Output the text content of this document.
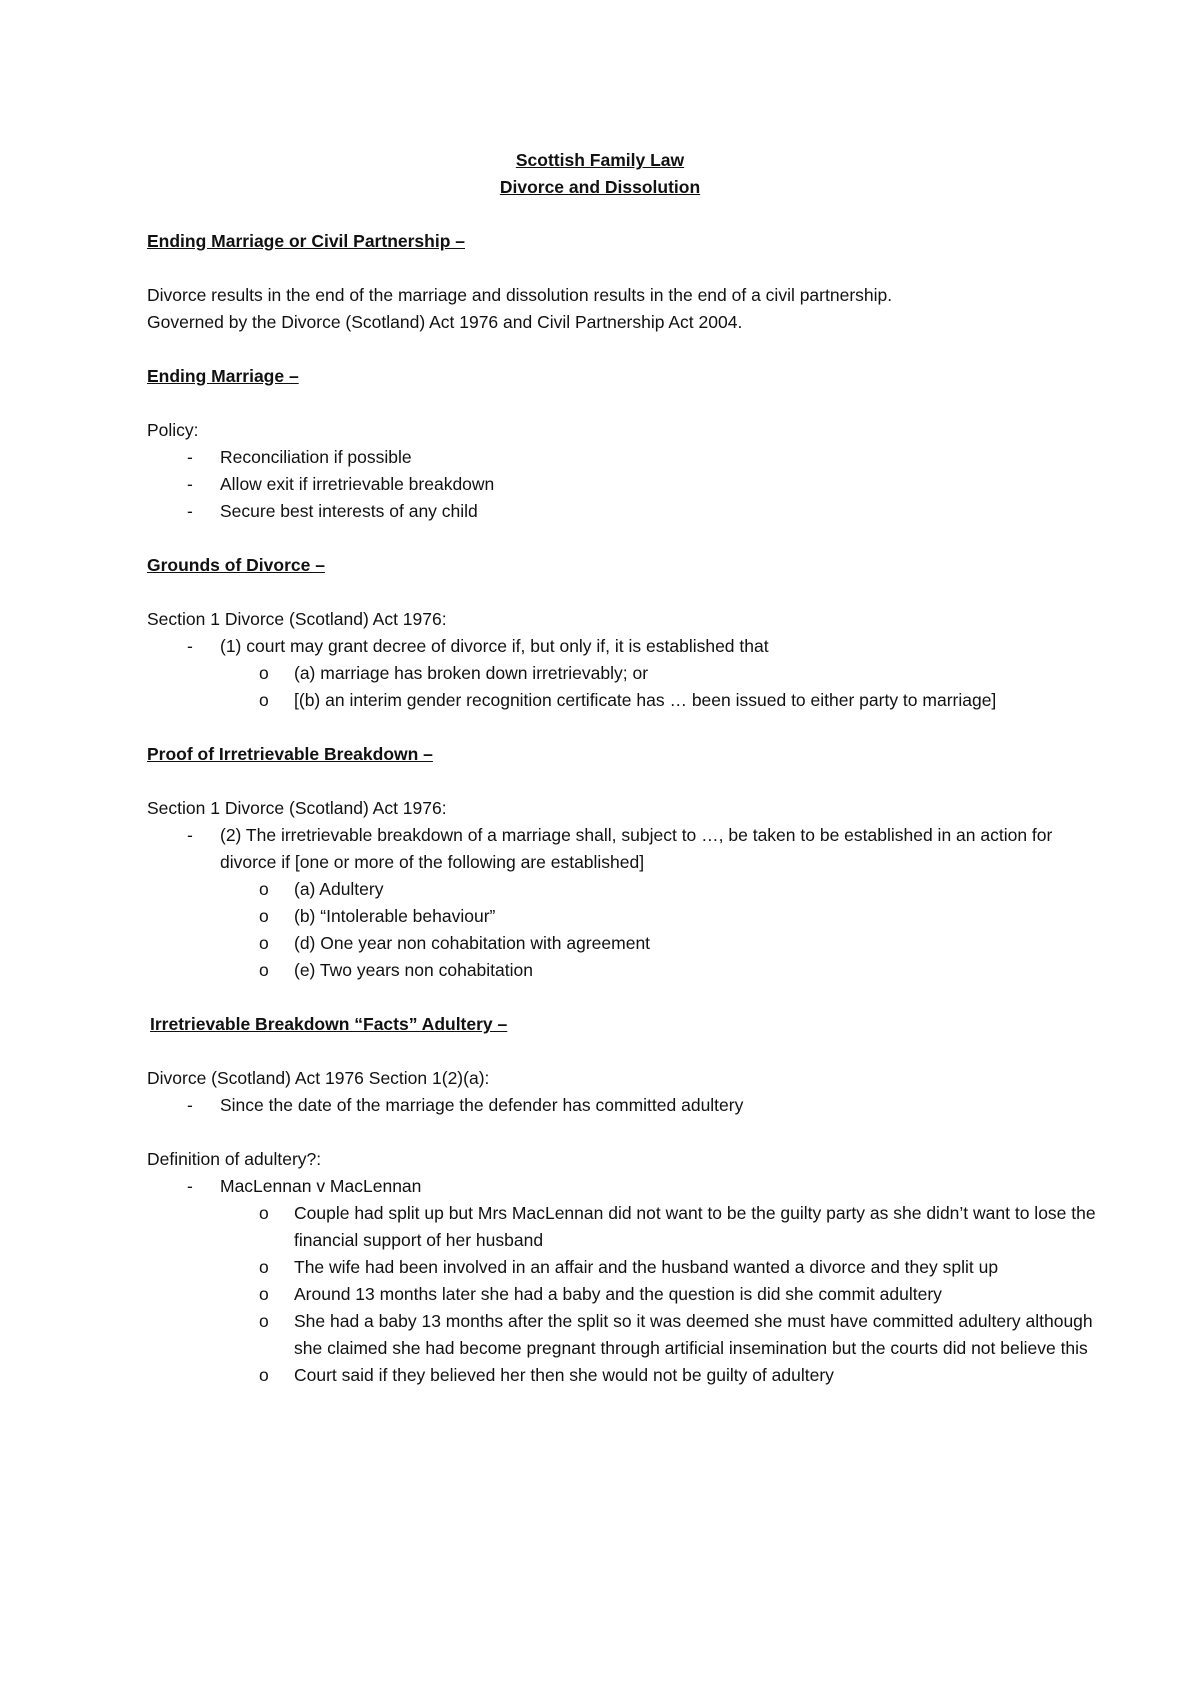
Scottish Family Law
Divorce and Dissolution
Ending Marriage or Civil Partnership –
Divorce results in the end of the marriage and dissolution results in the end of a civil partnership.
Governed by the Divorce (Scotland) Act 1976 and Civil Partnership Act 2004.
Ending Marriage –
Policy:
- Reconciliation if possible
- Allow exit if irretrievable breakdown
- Secure best interests of any child
Grounds of Divorce –
Section 1 Divorce (Scotland) Act 1976:
- (1) court may grant decree of divorce if, but only if, it is established that
o (a) marriage has broken down irretrievably; or
o [(b) an interim gender recognition certificate has … been issued to either party to marriage]
Proof of Irretrievable Breakdown –
Section 1 Divorce (Scotland) Act 1976:
- (2) The irretrievable breakdown of a marriage shall, subject to …, be taken to be established in an action for divorce if [one or more of the following are established]
o (a) Adultery
o (b) “Intolerable behaviour”
o (d) One year non cohabitation with agreement
o (e) Two years non cohabitation
Irretrievable Breakdown “Facts” Adultery –
Divorce (Scotland) Act 1976 Section 1(2)(a):
- Since the date of the marriage the defender has committed adultery
Definition of adultery?:
- MacLennan v MacLennan
o Couple had split up but Mrs MacLennan did not want to be the guilty party as she didn’t want to lose the financial support of her husband
o The wife had been involved in an affair and the husband wanted a divorce and they split up
o Around 13 months later she had a baby and the question is did she commit adultery
o She had a baby 13 months after the split so it was deemed she must have committed adultery although she claimed she had become pregnant through artificial insemination but the courts did not believe this
o Court said if they believed her then she would not be guilty of adultery
